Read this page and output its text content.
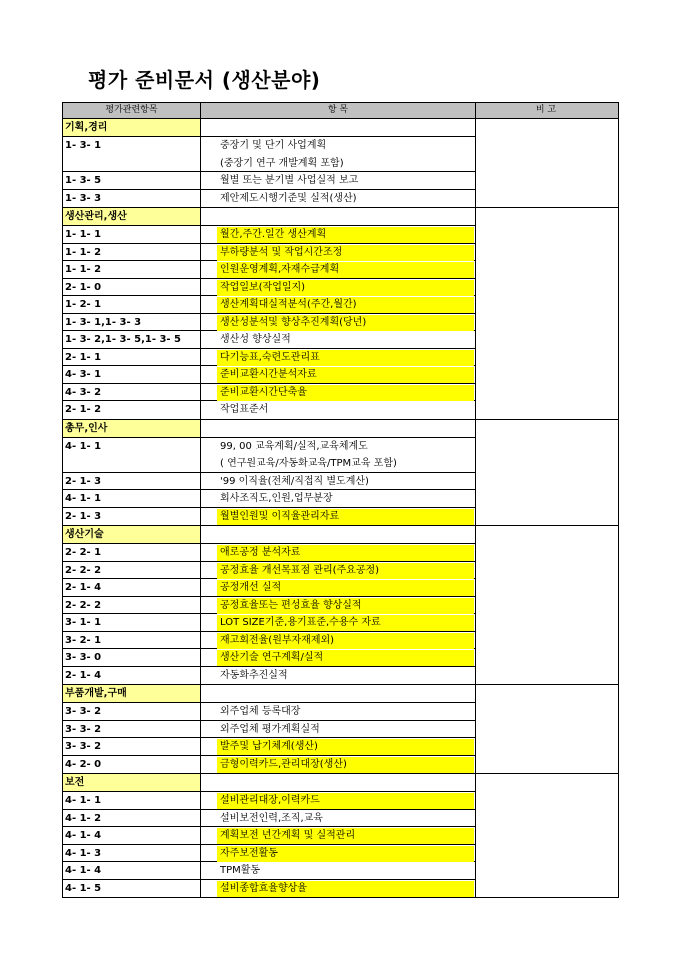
평가 준비문서 (생산분야)
평가관련항목	항 목	비 고
기획,경리
1- 3- 1
1- 3- 5
1- 3- 3
중장기 및 단기 사업계획
(중장기 연구 개발계획 포함)
월별 또는 분기별 사업실적 보고
제안제도시행기준및 실적(생산)
생산관리,생산
1- 1- 1
1- 1- 2
1- 1- 2
2- 1- 0
1- 2- 1
1- 3- 1,1- 3- 3
1- 3- 2,1- 3- 5,1- 3- 5
2- 1- 1
4- 3- 1
4- 3- 2
2- 1- 2
월간,주간.일간 생산계획
부하량분석 및 작업시간조정
인원운영계획,자재수급계획
작업일보(작업일지)
생산계획대실적분석(주간,월간)
생산성분석및 향상추진계획(당년)
생산성 향상실적
다기능표,숙련도관리표
준비교환시간분석자료
준비교환시간단축율
작업표준서
총무,인사
4- 1- 1
2- 1- 3
4- 1- 1
2- 1- 3
99, 00 교육계획/실적,교육체계도
( 연구원교육/자동화교육/TPM교육 포함)
'99 이직율(전체/직접직 별도계산)
회사조직도,인원,업무분장
월별인원및 이직율관리자료
생산기술
2- 2- 1
2- 2- 2
2- 1- 4
2- 2- 2
3- 1- 1
3- 2- 1
3- 3- 0
2- 1- 4
애로공정 분석자료
공정효율 개선목표점 관리(주요공정)
공정개선 실적
공정효율또는 편성효율 향상실적
LOT SIZE기준,용기표준,수용수 자료
재고회전율(원부자재제외)
생산기술 연구계획/실적
자동화추진실적
부품개발,구매
3- 3- 2
3- 3- 2
3- 3- 2
4- 2- 0
외주업체 등록대장
외주업체 평가계획실적
발주및 납기체계(생산)
금형이력카드,관리대장(생산)
보전
4- 1- 1
4- 1- 2
4- 1- 4
4- 1- 3
4- 1- 4
4- 1- 5
설비관리대장,이력카드
설비보전인력,조직,교육
계획보전 년간계획 및 실적관리
자주보전활동
TPM활동
설비종합효율향상율
